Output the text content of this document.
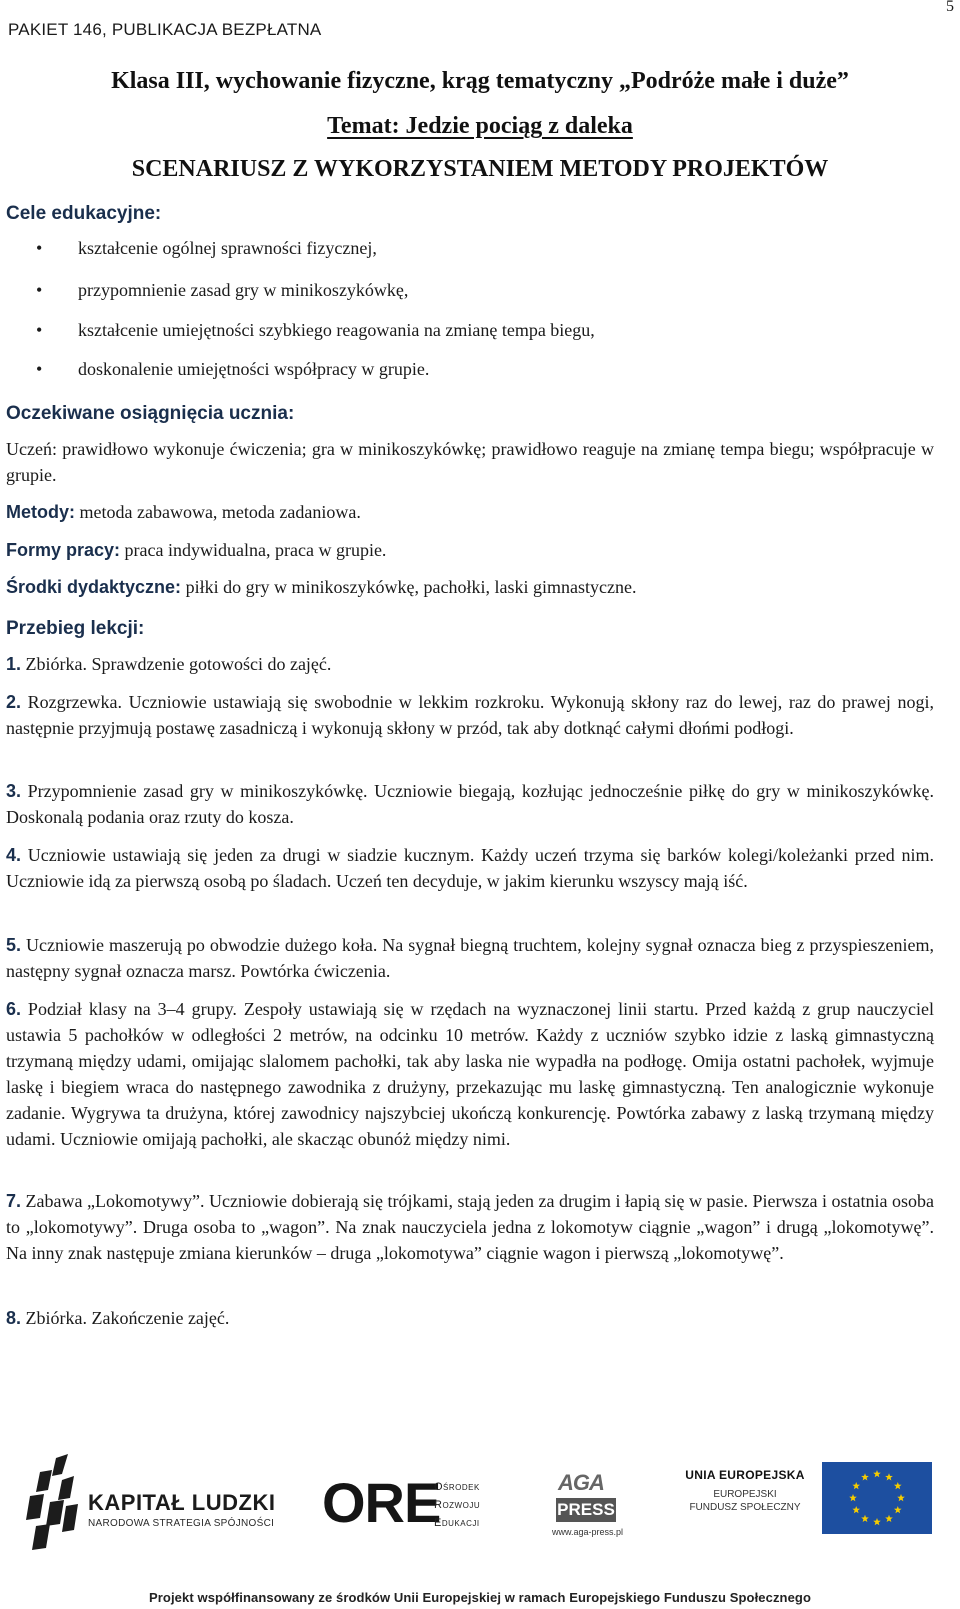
PAKIET 146, PUBLIKACJA BEZPŁATNA
5
Klasa III, wychowanie fizyczne, krąg tematyczny „Podróże małe i duże”
Temat: Jedzie pociąg z daleka
SCENARIUSZ Z WYKORZYSTANIEM METODY PROJEKTÓW
Cele edukacyjne:
• kształcenie ogólnej sprawności fizycznej,
• przypomnienie zasad gry w minikoszykówkę,
• kształcenie umiejętności szybkiego reagowania na zmianę tempa biegu,
• doskonalenie umiejętności współpracy w grupie.
Oczekiwane osiągnięcia ucznia:
Uczeń: prawidłowo wykonuje ćwiczenia; gra w minikoszykówkę; prawidłowo reaguje na zmianę tempa biegu; współpracuje w grupie.
Metody: metoda zabawowa, metoda zadaniowa.
Formy pracy: praca indywidualna, praca w grupie.
Środki dydaktyczne: piłki do gry w minikoszykówkę, pachołki, laski gimnastyczne.
Przebieg lekcji:
1. Zbiórka. Sprawdzenie gotowości do zajęć.
2. Rozgrzewka. Uczniowie ustawiają się swobodnie w lekkim rozkroku. Wykonują skłony raz do lewej, raz do prawej nogi, następnie przyjmują postawę zasadniczą i wykonują skłony w przód, tak aby dotknąć całymi dłońmi podłogi.
3. Przypomnienie zasad gry w minikoszykówkę. Uczniowie biegają, kozłując jednocześnie piłkę do gry w minikoszykówkę. Doskonalą podania oraz rzuty do kosza.
4. Uczniowie ustawiają się jeden za drugi w siadzie kucznym. Każdy uczeń trzyma się barków kolegi/koleżanki przed nim. Uczniowie idą za pierwszą osobą po śladach. Uczeń ten decyduje, w jakim kierunku wszyscy mają iść.
5. Uczniowie maszerują po obwodzie dużego koła. Na sygnał biegną truchtem, kolejny sygnał oznacza bieg z przyspieszeniem, następny sygnał oznacza marsz. Powtórka ćwiczenia.
6. Podział klasy na 3–4 grupy. Zespoły ustawiają się w rzędach na wyznaczonej linii startu. Przed każdą z grup nauczyciel ustawia 5 pachołków w odległości 2 metrów, na odcinku 10 metrów. Każdy z uczniów szybko idzie z laską gimnastyczną trzymaną między udami, omijając slalomem pachołki, tak aby laska nie wypadła na podłogę. Omija ostatni pachołek, wyjmuje laskę i biegiem wraca do następnego zawodnika z drużyny, przekazując mu laskę gimnastyczną. Ten analogicznie wykonuje zadanie. Wygrywa ta drużyna, której zawodnicy najszybciej ukończą konkurencję. Powtórka zabawy z laską trzymaną między udami. Uczniowie omijają pachołki, ale skacząc obunóż między nimi.
7. Zabawa „Lokomotywy”. Uczniowie dobierają się trójkami, stają jeden za drugim i łapią się w pasie. Pierwsza i ostatnia osoba to „lokomotywy”. Druga osoba to „wagon”. Na znak nauczyciela jedna z lokomotyw ciągnie „wagon” i drugą „lokomotywę”. Na inny znak następuje zmiana kierunków – druga „lokomotywa” ciągnie wagon i pierwszą „lokomotywę”.
8. Zbiórka. Zakończenie zajęć.
KAPITAŁ LUDZKI
NARODOWA STRATEGIA SPÓJNOŚCI ORE
Ośrodek
Rozwoju
Edukacji
AGA
PRESS
www.aga-press.pl
UNIA EUROPEJSKA
EUROPEJSKI
FUNDUSZ SPOŁECZNY
Projekt współfinansowany ze środków Unii Europejskiej w ramach Europejskiego Funduszu Społecznego
